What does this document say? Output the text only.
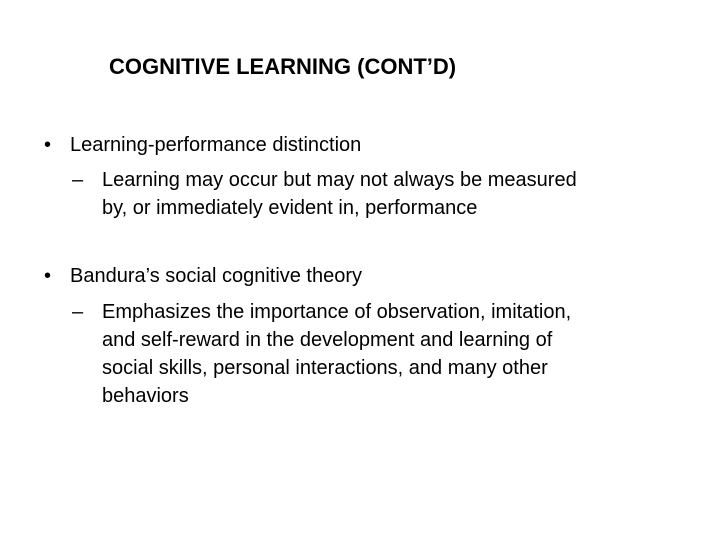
COGNITIVE LEARNING (CONT’D)
• Learning-performance distinction
– Learning may occur but may not always be measured
by, or immediately evident in, performance
• Bandura’s social cognitive theory
– Emphasizes the importance of observation, imitation,
and self-reward in the development and learning of
social skills, personal interactions, and many other
behaviors
